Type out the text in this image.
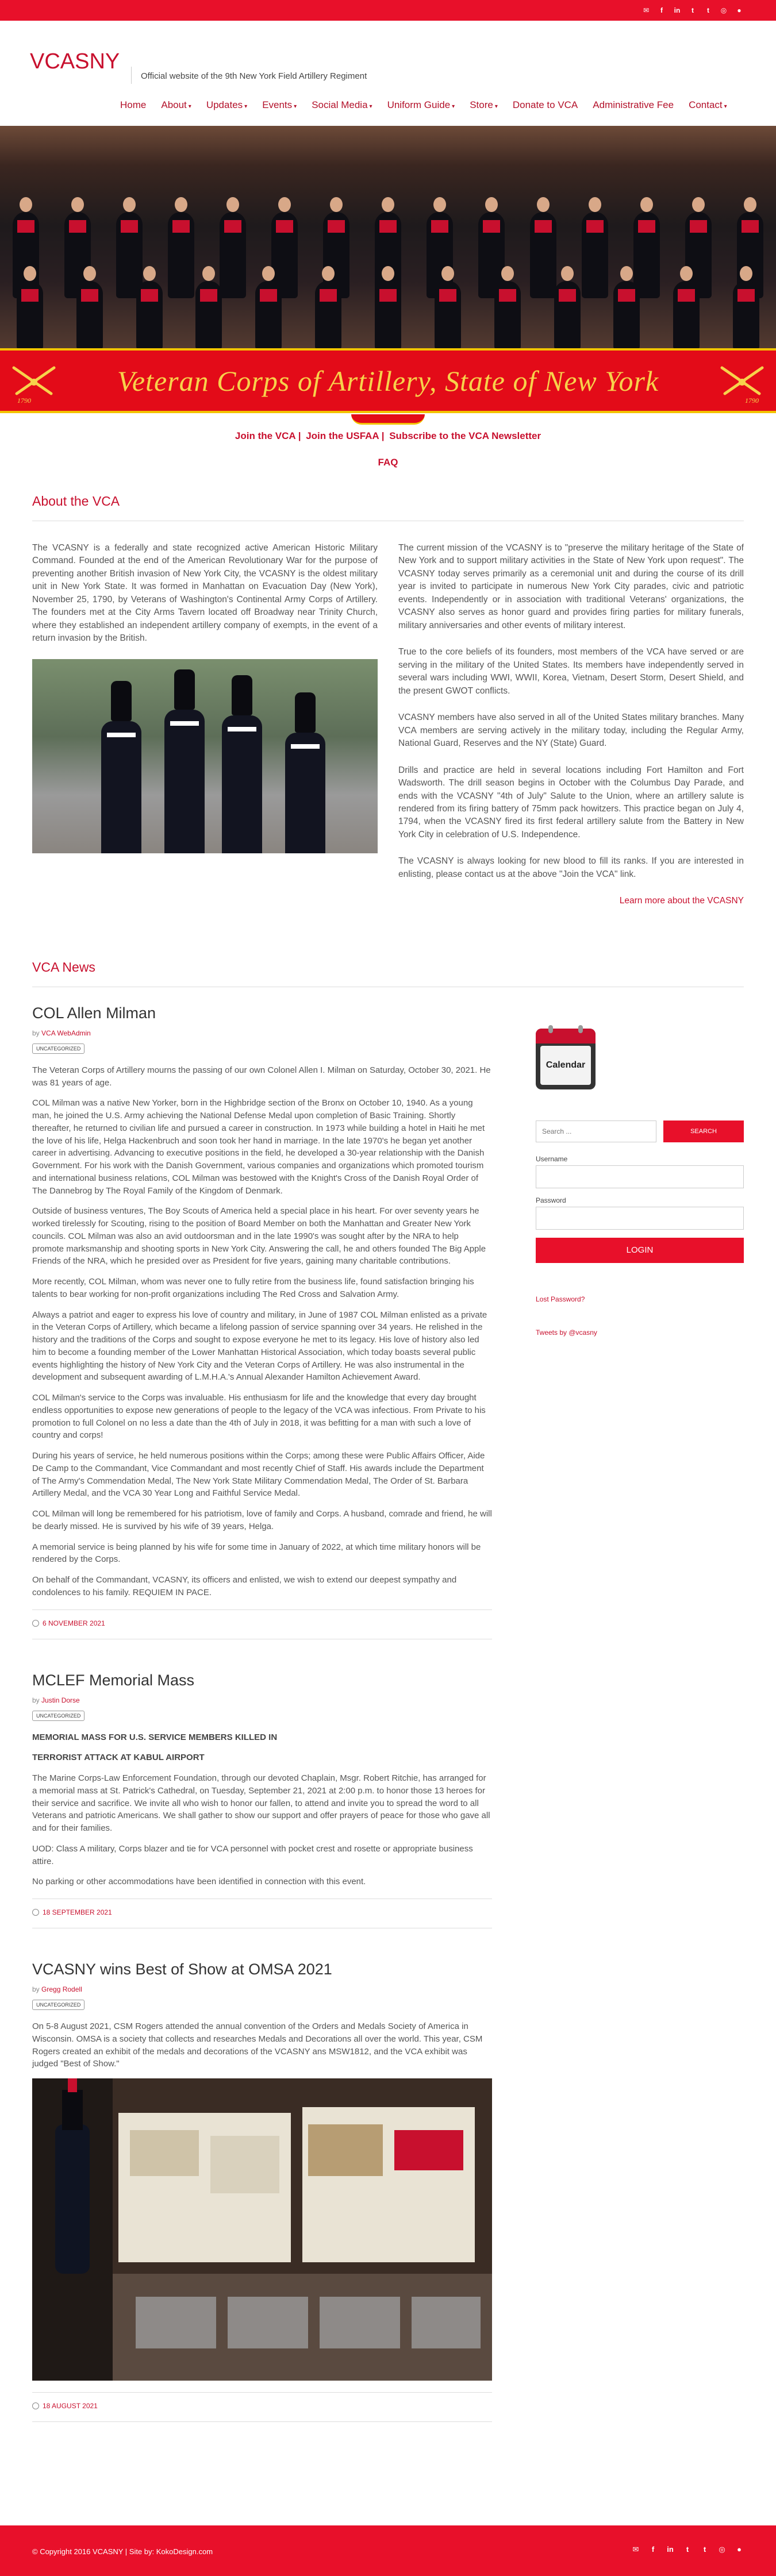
✉	f	in	t	t	◎	●
VCASNY
Official website of the 9th New York Field Artillery Regiment
Home	About ▾	Updates ▾	Events ▾	Social Media ▾	Uniform Guide ▾	Store ▾	Donate to VCA	Administrative Fee	Contact ▾
1790
Veteran Corps of Artillery, State of New York
1790
Join the VCA | Join the USFAA | Subscribe to the VCA Newsletter
FAQ
About the VCA

The VCASNY is a federally and state recognized active American Historic Military Command. Founded at the end of the American Revolutionary War for the purpose of preventing another British invasion of New York City, the VCASNY is the oldest military unit in New York State. It was formed in Manhattan on Evacuation Day (New York), November 25, 1790, by Veterans of Washington's Continental Army Corps of Artillery. The founders met at the City Arms Tavern located off Broadway near Trinity Church, where they established an independent artillery company of exempts, in the event of a return invasion by the British.

The current mission of the VCASNY is to "preserve the military heritage of the State of New York and to support military activities in the State of New York upon request". The VCASNY today serves primarily as a ceremonial unit and during the course of its drill year is invited to participate in numerous New York City parades, civic and patriotic events. Independently or in association with traditional Veterans' organizations, the VCASNY also serves as honor guard and provides firing parties for military funerals, military anniversaries and other events of military interest.

True to the core beliefs of its founders, most members of the VCA have served or are serving in the military of the United States. Its members have independently served in several wars including WWI, WWII, Korea, Vietnam, Desert Storm, Desert Shield, and the present GWOT conflicts.

VCASNY members have also served in all of the United States military branches. Many VCA members are serving actively in the military today, including the Regular Army, National Guard, Reserves and the NY (State) Guard.

Drills and practice are held in several locations including Fort Hamilton and Fort Wadsworth. The drill season begins in October with the Columbus Day Parade, and ends with the VCASNY "4th of July" Salute to the Union, where an artillery salute is rendered from its firing battery of 75mm pack howitzers. This practice began on July 4, 1794, when the VCASNY fired its first federal artillery salute from the Battery in New York City in celebration of U.S. Independence.

The VCASNY is always looking for new blood to fill its ranks. If you are interested in enlisting, please contact us at the above "Join the VCA" link.

Learn more about the VCASNY
VCA News
COL Allen Milman
by VCA WebAdmin
UNCATEGORIZED

The Veteran Corps of Artillery mourns the passing of our own Colonel Allen I. Milman on Saturday, October 30, 2021. He was 81 years of age.

COL Milman was a native New Yorker, born in the Highbridge section of the Bronx on October 10, 1940. As a young man, he joined the U.S. Army achieving the National Defense Medal upon completion of Basic Training. Shortly thereafter, he returned to civilian life and pursued a career in construction. In 1973 while building a hotel in Haiti he met the love of his life, Helga Hackenbruch and soon took her hand in marriage. In the late 1970's he began yet another career in advertising. Advancing to executive positions in the field, he developed a 30-year relationship with the Danish Government. For his work with the Danish Government, various companies and organizations which promoted tourism and international business relations, COL Milman was bestowed with the Knight's Cross of the Danish Royal Order of The Dannebrog by The Royal Family of the Kingdom of Denmark.

Outside of business ventures, The Boy Scouts of America held a special place in his heart. For over seventy years he worked tirelessly for Scouting, rising to the position of Board Member on both the Manhattan and Greater New York councils. COL Milman was also an avid outdoorsman and in the late 1990's was sought after by the NRA to help promote marksmanship and shooting sports in New York City. Answering the call, he and others founded The Big Apple Friends of the NRA, which he presided over as President for five years, gaining many charitable contributions.

More recently, COL Milman, whom was never one to fully retire from the business life, found satisfaction bringing his talents to bear working for non-profit organizations including The Red Cross and Salvation Army.

Always a patriot and eager to express his love of country and military, in June of 1987 COL Milman enlisted as a private in the Veteran Corps of Artillery, which became a lifelong passion of service spanning over 34 years. He relished in the history and the traditions of the Corps and sought to expose everyone he met to its legacy. His love of history also led him to become a founding member of the Lower Manhattan Historical Association, which today boasts several public events highlighting the history of New York City and the Veteran Corps of Artillery. He was also instrumental in the development and subsequent awarding of L.M.H.A.'s Annual Alexander Hamilton Achievement Award.

COL Milman's service to the Corps was invaluable. His enthusiasm for life and the knowledge that every day brought endless opportunities to expose new generations of people to the legacy of the VCA was infectious. From Private to his promotion to full Colonel on no less a date than the 4th of July in 2018, it was befitting for a man with such a love of country and corps!

During his years of service, he held numerous positions within the Corps; among these were Public Affairs Officer, Aide De Camp to the Commandant, Vice Commandant and most recently Chief of Staff. His awards include the Department of The Army's Commendation Medal, The New York State Military Commendation Medal, The Order of St. Barbara Artillery Medal, and the VCA 30 Year Long and Faithful Service Medal.

COL Milman will long be remembered for his patriotism, love of family and Corps. A husband, comrade and friend, he will be dearly missed. He is survived by his wife of 39 years, Helga.

A memorial service is being planned by his wife for some time in January of 2022, at which time military honors will be rendered by the Corps.

On behalf of the Commandant, VCASNY, its officers and enlisted, we wish to extend our deepest sympathy and condolences to his family. REQUIEM IN PACE.

6 NOVEMBER 2021
MCLEF Memorial Mass
by Justin Dorse
UNCATEGORIZED

MEMORIAL MASS FOR U.S. SERVICE MEMBERS KILLED IN

TERRORIST ATTACK AT KABUL AIRPORT

The Marine Corps-Law Enforcement Foundation, through our devoted Chaplain, Msgr. Robert Ritchie, has arranged for a memorial mass at St. Patrick's Cathedral, on Tuesday, September 21, 2021 at 2:00 p.m. to honor those 13 heroes for their service and sacrifice. We invite all who wish to honor our fallen, to attend and invite you to spread the word to all Veterans and patriotic Americans. We shall gather to show our support and offer prayers of peace for those who gave all and for their families.

UOD: Class A military, Corps blazer and tie for VCA personnel with pocket crest and rosette or appropriate business attire.

No parking or other accommodations have been identified in connection with this event.

18 SEPTEMBER 2021
VCASNY wins Best of Show at OMSA 2021
by Gregg Rodell
UNCATEGORIZED

On 5-8 August 2021, CSM Rogers attended the annual convention of the Orders and Medals Society of America in Wisconsin. OMSA is a society that collects and researches Medals and Decorations all over the world. This year, CSM Rogers created an exhibit of the medals and decorations of the VCASNY ans MSW1812, and the VCA exhibit was judged "Best of Show."

18 AUGUST 2021
Calendar
Search ...
SEARCH
Username
Password
LOGIN
Lost Password?
Tweets by @vcasny
© Copyright 2016 VCASNY | Site by: KokoDesign.com	✉	f	in	t	t	◎	●
